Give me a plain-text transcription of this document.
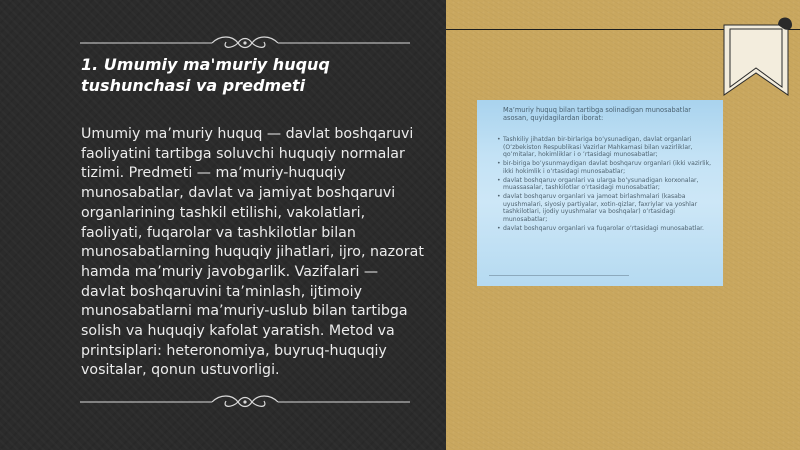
1. Umumiy ma'muriy huquq tushunchasi va predmeti

Umumiy ma’muriy huquq — davlat boshqaruvi faoliyatini tartibga soluvchi huquqiy normalar tizimi. Predmeti — ma’muriy-huquqiy munosabatlar, davlat va jamiyat boshqaruvi organlarining tashkil etilishi, vakolatlari, faoliyati, fuqarolar va tashkilotlar bilan munosabatlarning huquqiy jihatlari, ijro, nazorat hamda ma’muriy javobgarlik. Vazifalari — davlat boshqaruvini ta’minlash, ijtimoiy munosabatlarni ma’muriy-uslub bilan tartibga solish va huquqiy kafolat yaratish. Metod va printsiplari: heteronomiya, buyruq-huquqiy vositalar, qonun ustuvorligi.

Ma’muriy huquq bilan tartibga solinadigan munosabatlar asosan, quyidagilardan iborat:

• Tashkiliy jihatdan bir-birlariga bo’ysunadigan, davlat organlari (O’zbekiston Respublikasi Vazirlar Mahkamasi bilan vazirliklar, qo’mitalar, hokimliklar i o ’rtasidagi munosabatlar;
• bir-biriga bo’ysunmaydigan davlat boshqaruv organlari (ikki vazirlik, ikki hokimlik i o’rtasidagi munosabatlar;
• davlat boshqaruv organlari va ularga bo’ysunadigan korxonalar, muassasalar, tashkilotlar o’rtasidagi munosabatlar;
• davlat boshqaruv organlari va jamoat birlashmalari (kasaba uyushmalari, siyosiy partiyalar, xotin-qizlar, faxriylar va yoshlar tashkilotlari, ijodiy uyushmalar va boshqalar) o’rtasidagi munosabatlar;
• davlat boshqaruv organlari va fuqarolar o’rtasidagi munosabatlar.
